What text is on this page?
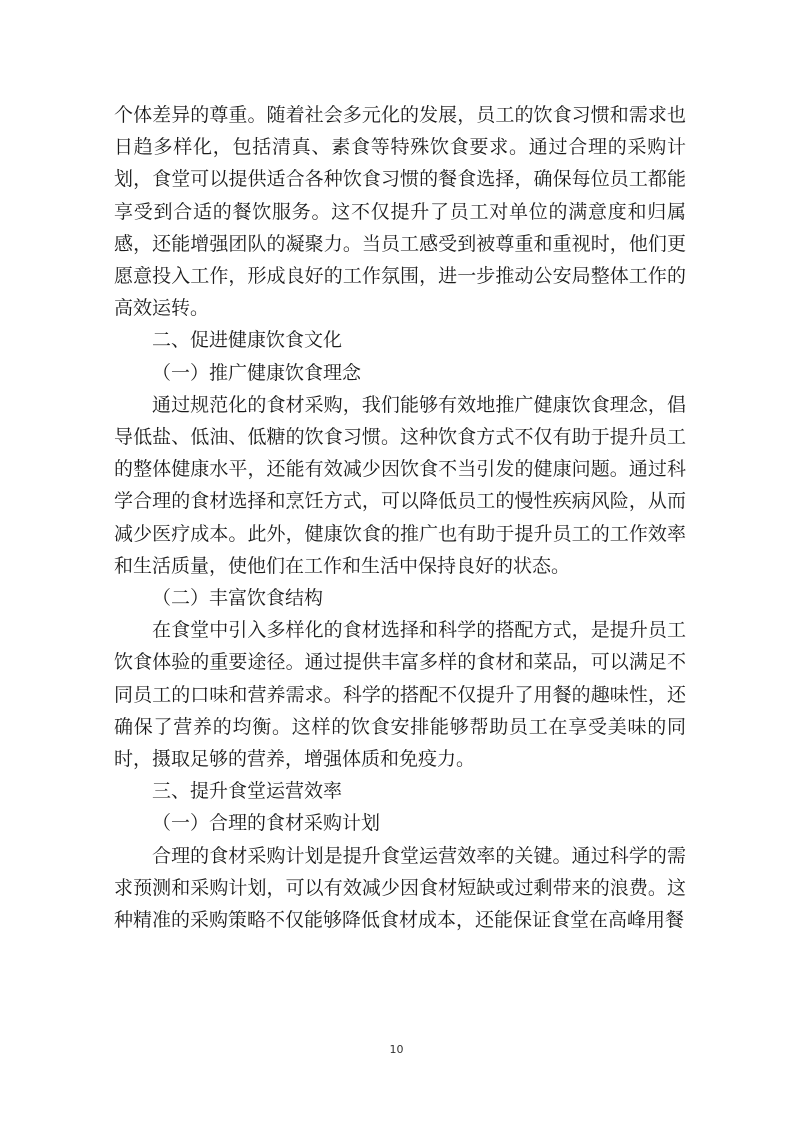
个体差异的尊重。随着社会多元化的发展，员工的饮食习惯和需求也日趋多样化，包括清真、素食等特殊饮食要求。通过合理的采购计划，食堂可以提供适合各种饮食习惯的餐食选择，确保每位员工都能享受到合适的餐饮服务。这不仅提升了员工对单位的满意度和归属感，还能增强团队的凝聚力。当员工感受到被尊重和重视时，他们更愿意投入工作，形成良好的工作氛围，进一步推动公安局整体工作的高效运转。

二、促进健康饮食文化

（一）推广健康饮食理念

通过规范化的食材采购，我们能够有效地推广健康饮食理念，倡导低盐、低油、低糖的饮食习惯。这种饮食方式不仅有助于提升员工的整体健康水平，还能有效减少因饮食不当引发的健康问题。通过科学合理的食材选择和烹饪方式，可以降低员工的慢性疾病风险，从而减少医疗成本。此外，健康饮食的推广也有助于提升员工的工作效率和生活质量，使他们在工作和生活中保持良好的状态。

（二）丰富饮食结构

在食堂中引入多样化的食材选择和科学的搭配方式，是提升员工饮食体验的重要途径。通过提供丰富多样的食材和菜品，可以满足不同员工的口味和营养需求。科学的搭配不仅提升了用餐的趣味性，还确保了营养的均衡。这样的饮食安排能够帮助员工在享受美味的同时，摄取足够的营养，增强体质和免疫力。

三、提升食堂运营效率

（一）合理的食材采购计划

合理的食材采购计划是提升食堂运营效率的关键。通过科学的需求预测和采购计划，可以有效减少因食材短缺或过剩带来的浪费。这种精准的采购策略不仅能够降低食材成本，还能保证食堂在高峰用餐

10
